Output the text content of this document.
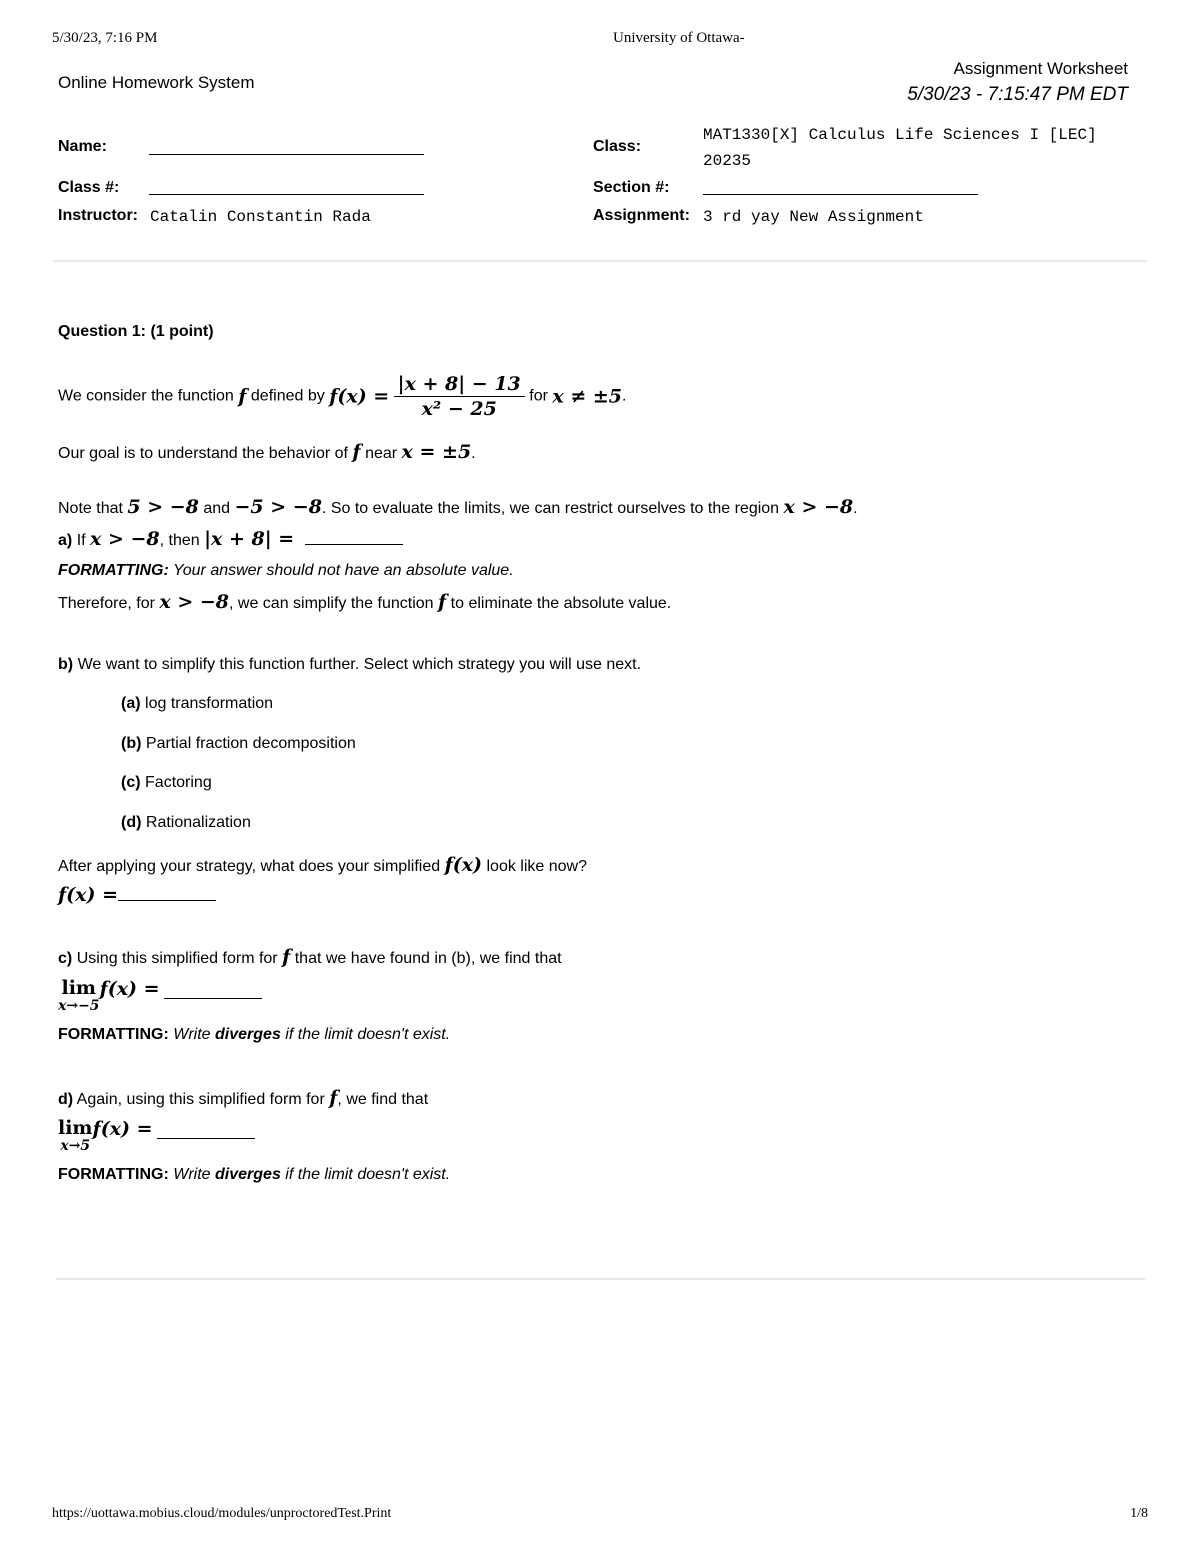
5/30/23, 7:16 PM	University of Ottawa-
Online Homework System
Assignment Worksheet
5/30/23 - 7:15:47 PM EDT
Name:
Class #:
Instructor: Catalin Constantin Rada
Class:
MAT1330[X] Calculus Life Sciences I [LEC]
20235
Section #:
Assignment: 3 rd yay New Assignment
Question 1: (1 point)
We consider the function f defined by $f(x) = \frac{|x + 8| - 13}{\text{x² − 25}}$ for x ≠ ±5.
Our goal is to understand the behavior of f near x = ±5.
Note that 5 > −8 and −5 > −8. So to evaluate the limits, we can restrict ourselves to the region x > −8.
a) If x > −8, then |x + 8| =
FORMATTING: Your answer should not have an absolute value.
Therefore, for x > −8, we can simplify the function f to eliminate the absolute value.
b) We want to simplify this function further. Select which strategy you will use next.
(a) log transformation
(b) Partial fraction decomposition
(c) Factoring
(d) Rationalization
After applying your strategy, what does your simplified f(x) look like now?
f(x) =
c) Using this simplified form for f that we have found in (b), we find that
lim
x→−5
f(x) =
FORMATTING: Write diverges if the limit doesn't exist.
d) Again, using this simplified form for f, we find that
lim
x→5
f(x) =
FORMATTING: Write diverges if the limit doesn't exist.
https://uottawa.mobius.cloud/modules/unproctoredTest.Print	1/8
